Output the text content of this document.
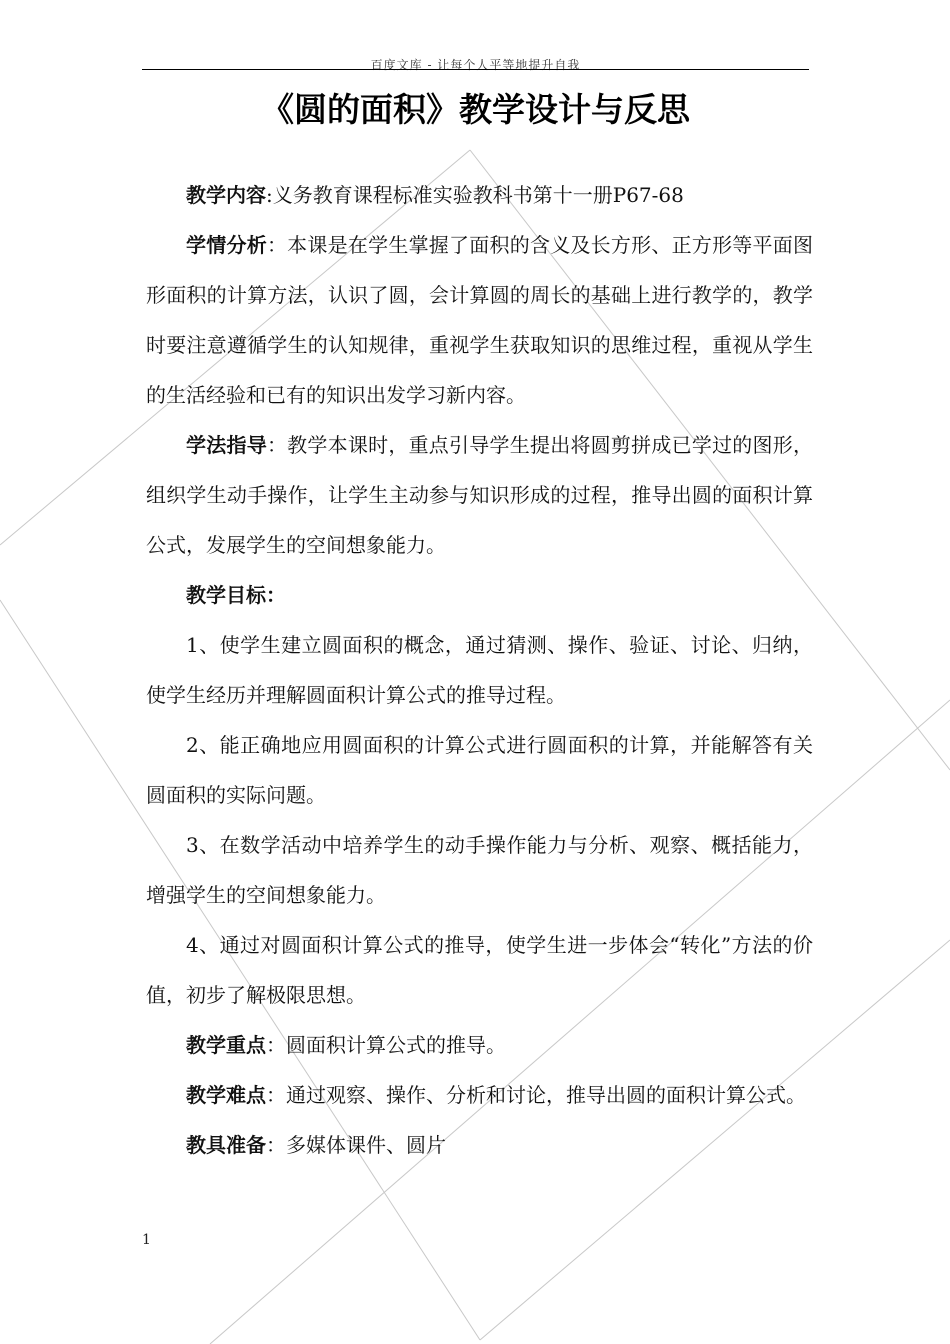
百度文库 - 让每个人平等地提升自我
《圆的面积》教学设计与反思

教学内容:义务教育课程标准实验教科书第十一册P67-68

学情分析：本课是在学生掌握了面积的含义及长方形、正方形等平面图形面积的计算方法，认识了圆，会计算圆的周长的基础上进行教学的，教学时要注意遵循学生的认知规律，重视学生获取知识的思维过程，重视从学生的生活经验和已有的知识出发学习新内容。

学法指导：教学本课时，重点引导学生提出将圆剪拼成已学过的图形，组织学生动手操作，让学生主动参与知识形成的过程，推导出圆的面积计算公式，发展学生的空间想象能力。

教学目标：

1、使学生建立圆面积的概念，通过猜测、操作、验证、讨论、归纳，使学生经历并理解圆面积计算公式的推导过程。

2、能正确地应用圆面积的计算公式进行圆面积的计算，并能解答有关圆面积的实际问题。

3、在数学活动中培养学生的动手操作能力与分析、观察、概括能力，增强学生的空间想象能力。

4、通过对圆面积计算公式的推导，使学生进一步体会“转化”方法的价值，初步了解极限思想。

教学重点：圆面积计算公式的推导。

教学难点：通过观察、操作、分析和讨论，推导出圆的面积计算公式。

教具准备：多媒体课件、圆片

1
